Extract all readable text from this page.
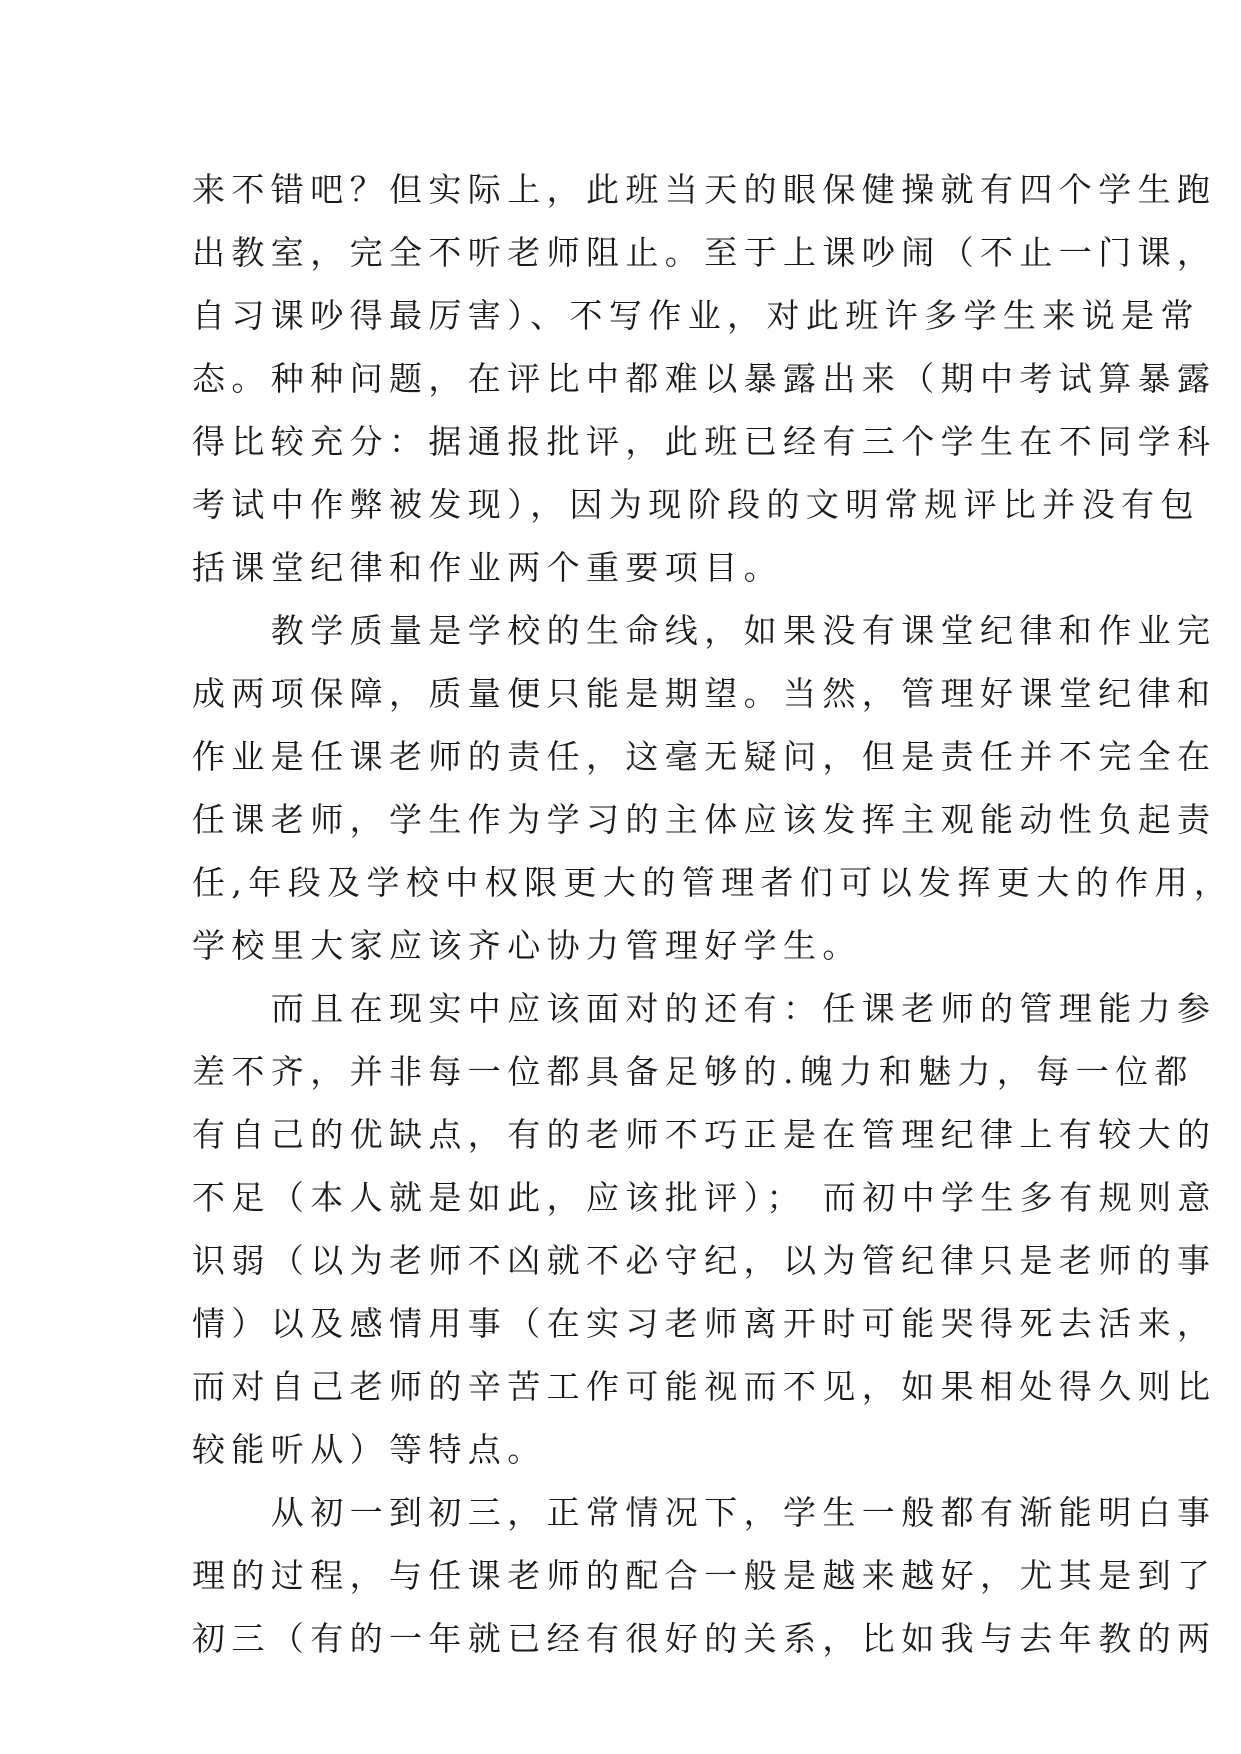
来不错吧？但实际上，此班当天的眼保健操就有四个学生跑
出教室，完全不听老师阻止。至于上课吵闹（不止一门课，
自习课吵得最厉害）、不写作业，对此班许多学生来说是常
态。种种问题，在评比中都难以暴露出来（期中考试算暴露
得比较充分：据通报批评，此班已经有三个学生在不同学科
考试中作弊被发现），因为现阶段的文明常规评比并没有包
括课堂纪律和作业两个重要项目。
　　教学质量是学校的生命线，如果没有课堂纪律和作业完
成两项保障，质量便只能是期望。当然，管理好课堂纪律和
作业是任课老师的责任，这毫无疑问，但是责任并不完全在
任课老师，学生作为学习的主体应该发挥主观能动性负起责
任,年段及学校中权限更大的管理者们可以发挥更大的作用，
学校里大家应该齐心协力管理好学生。
　　而且在现实中应该面对的还有：任课老师的管理能力参
差不齐，并非每一位都具备足够的.魄力和魅力，每一位都
有自己的优缺点，有的老师不巧正是在管理纪律上有较大的
不足（本人就是如此，应该批评）； 而初中学生多有规则意
识弱（以为老师不凶就不必守纪，以为管纪律只是老师的事
情）以及感情用事（在实习老师离开时可能哭得死去活来，
而对自己老师的辛苦工作可能视而不见，如果相处得久则比
较能听从）等特点。
　　从初一到初三，正常情况下，学生一般都有渐能明白事
理的过程，与任课老师的配合一般是越来越好，尤其是到了
初三（有的一年就已经有很好的关系，比如我与去年教的两
